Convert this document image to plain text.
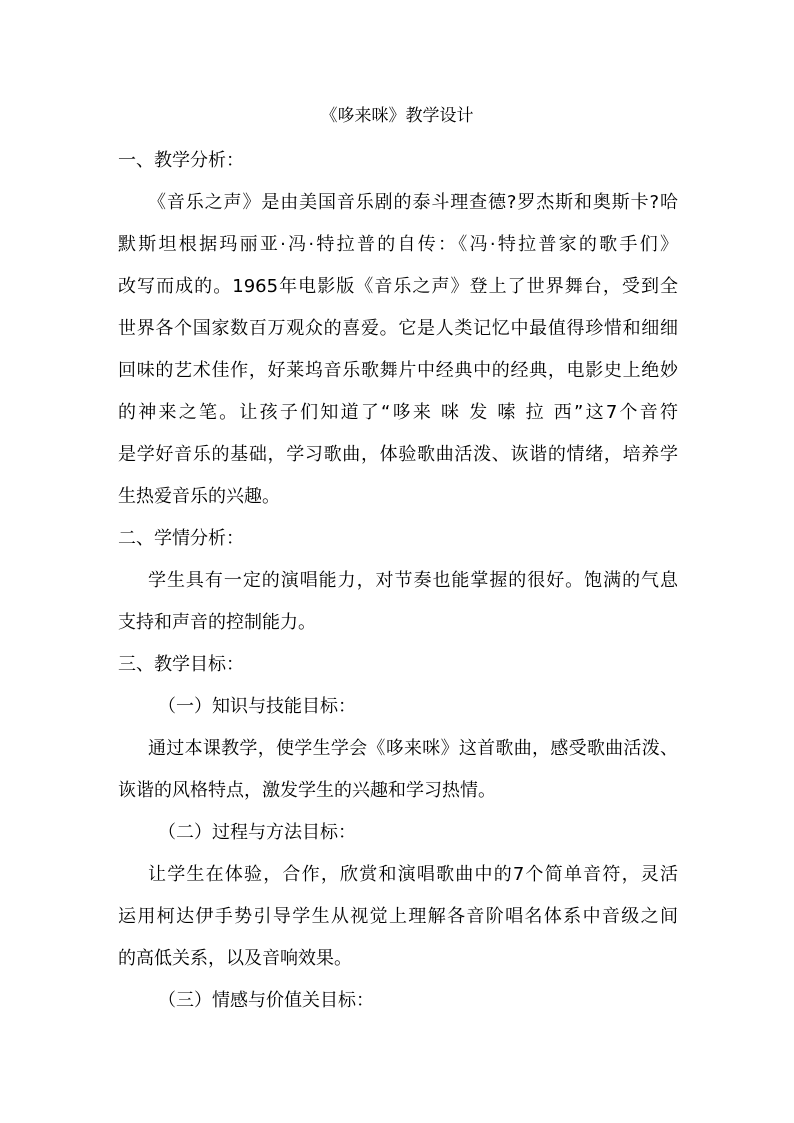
《哆来咪》教学设计
一、教学分析：
《音乐之声》是由美国音乐剧的泰斗理查德?罗杰斯和奥斯卡?哈
默斯坦根据玛丽亚·冯·特拉普的自传：《冯·特拉普家的歌手们》
改写而成的。1965年电影版《音乐之声》登上了世界舞台，受到全
世界各个国家数百万观众的喜爱。它是人类记忆中最值得珍惜和细细
回味的艺术佳作，好莱坞音乐歌舞片中经典中的经典，电影史上绝妙
的神来之笔。让孩子们知道了“哆来 咪 发 嗦 拉 西”这7个音符
是学好音乐的基础，学习歌曲，体验歌曲活泼、诙谐的情绪，培养学
生热爱音乐的兴趣。
二、学情分析：
学生具有一定的演唱能力，对节奏也能掌握的很好。饱满的气息
支持和声音的控制能力。
三、教学目标：
（一）知识与技能目标：
通过本课教学，使学生学会《哆来咪》这首歌曲，感受歌曲活泼、
诙谐的风格特点，激发学生的兴趣和学习热情。
（二）过程与方法目标：
让学生在体验，合作，欣赏和演唱歌曲中的7个简单音符，灵活
运用柯达伊手势引导学生从视觉上理解各音阶唱名体系中音级之间
的高低关系，以及音响效果。
（三）情感与价值关目标：
